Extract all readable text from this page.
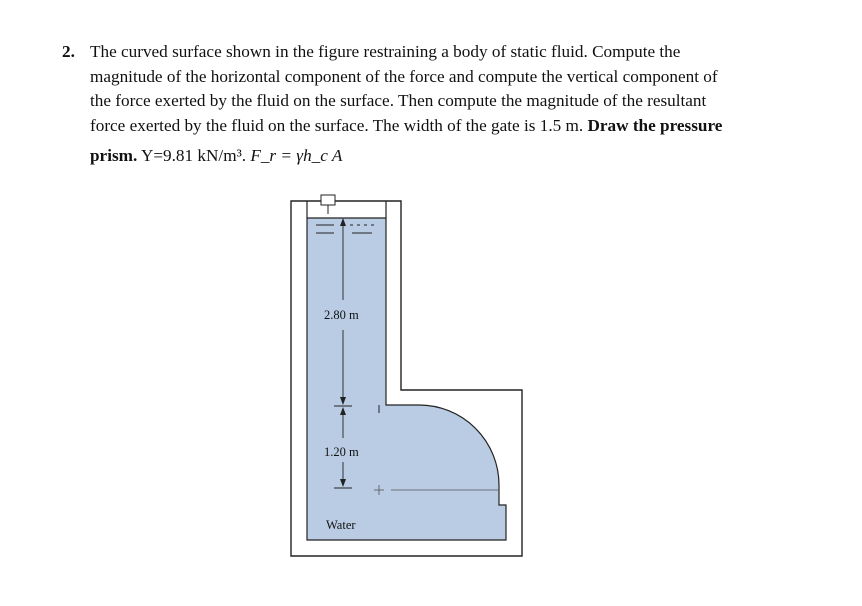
2. The curved surface shown in the figure restraining a body of static fluid. Compute the
magnitude of the horizontal component of the force and compute the vertical component of
the force exerted by the fluid on the surface. Then compute the magnitude of the resultant
force exerted by the fluid on the surface. The width of the gate is 1.5 m. Draw the pressure
prism. Y=9.81 kN/m³. F_r = γh_c A
2.80 m
1.20 m
Water
